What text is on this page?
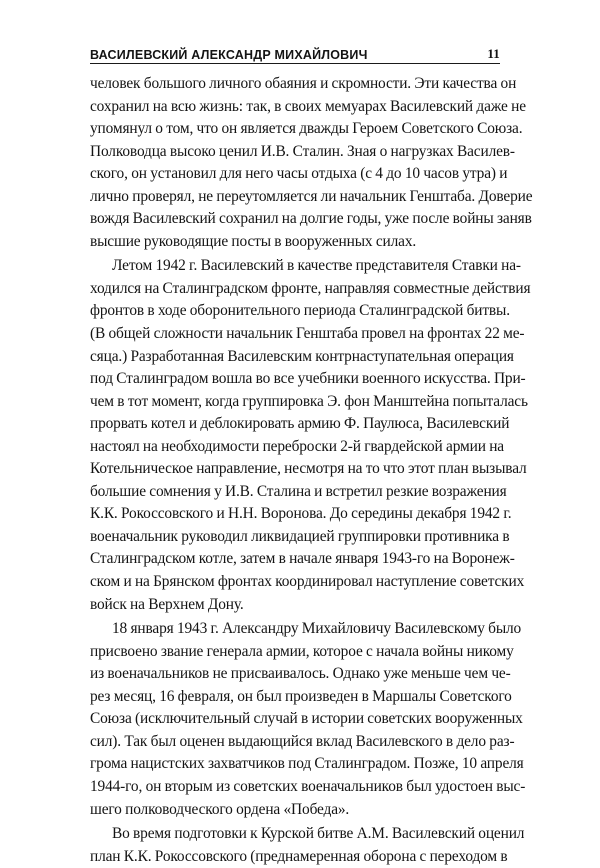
ВАСИЛЕВСКИЙ АЛЕКСАНДР МИХАЙЛОВИЧ	11
человек большого личного обаяния и скромности. Эти качества он
сохранил на всю жизнь: так, в своих мемуарах Василевский даже не
упомянул о том, что он является дважды Героем Советского Союза.
Полководца высоко ценил И.В. Сталин. Зная о нагрузках Василев-
ского, он установил для него часы отдыха (с 4 до 10 часов утра) и
лично проверял, не переутомляется ли начальник Генштаба. Доверие
вождя Василевский сохранил на долгие годы, уже после войны заняв
высшие руководящие посты в вооруженных силах.
Летом 1942 г. Василевский в качестве представителя Ставки на-
ходился на Сталинградском фронте, направляя совместные действия
фронтов в ходе оборонительного периода Сталинградской битвы.
(В общей сложности начальник Генштаба провел на фронтах 22 ме-
сяца.) Разработанная Василевским контрнаступательная операция
под Сталинградом вошла во все учебники военного искусства. При-
чем в тот момент, когда группировка Э. фон Манштейна попыталась
прорвать котел и деблокировать армию Ф. Паулюса, Василевский
настоял на необходимости переброски 2-й гвардейской армии на
Котельническое направление, несмотря на то что этот план вызывал
большие сомнения у И.В. Сталина и встретил резкие возражения
К.К. Рокоссовского и Н.Н. Воронова. До середины декабря 1942 г.
военачальник руководил ликвидацией группировки противника в
Сталинградском котле, затем в начале января 1943-го на Воронеж-
ском и на Брянском фронтах координировал наступление советских
войск на Верхнем Дону.
18 января 1943 г. Александру Михайловичу Василевскому было
присвоено звание генерала армии, которое с начала войны никому
из военачальников не присваивалось. Однако уже меньше чем че-
рез месяц, 16 февраля, он был произведен в Маршалы Советского
Союза (исключительный случай в истории советских вооруженных
сил). Так был оценен выдающийся вклад Василевского в дело раз-
грома нацистских захватчиков под Сталинградом. Позже, 10 апреля
1944-го, он вторым из советских военачальников был удостоен выс-
шего полководческого ордена «Победа».
Во время подготовки к Курской битве А.М. Василевский оценил
план К.К. Рокоссовского (преднамеренная оборона с переходом в
